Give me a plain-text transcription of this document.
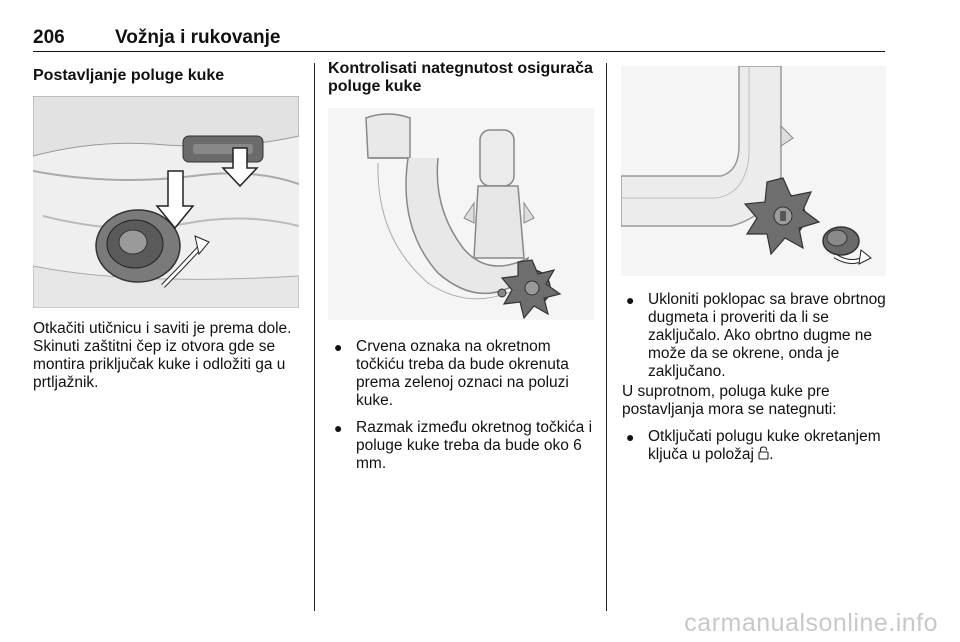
206	Vožnja i rukovanje
Postavljanje poluge kuke

Otkačiti utičnicu i saviti je prema dole. Skinuti zaštitni čep iz otvora gde se montira priključak kuke i odložiti ga u prtljažnik.

Kontrolisati nategnutost osigurača poluge kuke
● Crvena oznaka na okretnom točkiću treba da bude okrenuta prema zelenoj oznaci na poluzi kuke.
● Razmak između okretnog točkića i poluge kuke treba da bude oko 6 mm.
● Ukloniti poklopac sa brave obrtnog dugmeta i proveriti da li se zaključalo. Ako obrtno dugme ne može da se okrene, onda je zaključano.

U suprotnom, poluga kuke pre postavljanja mora se nategnuti:

● Otključati polugu kuke okretanjem ključa u položaj .
carmanualsonline.info
